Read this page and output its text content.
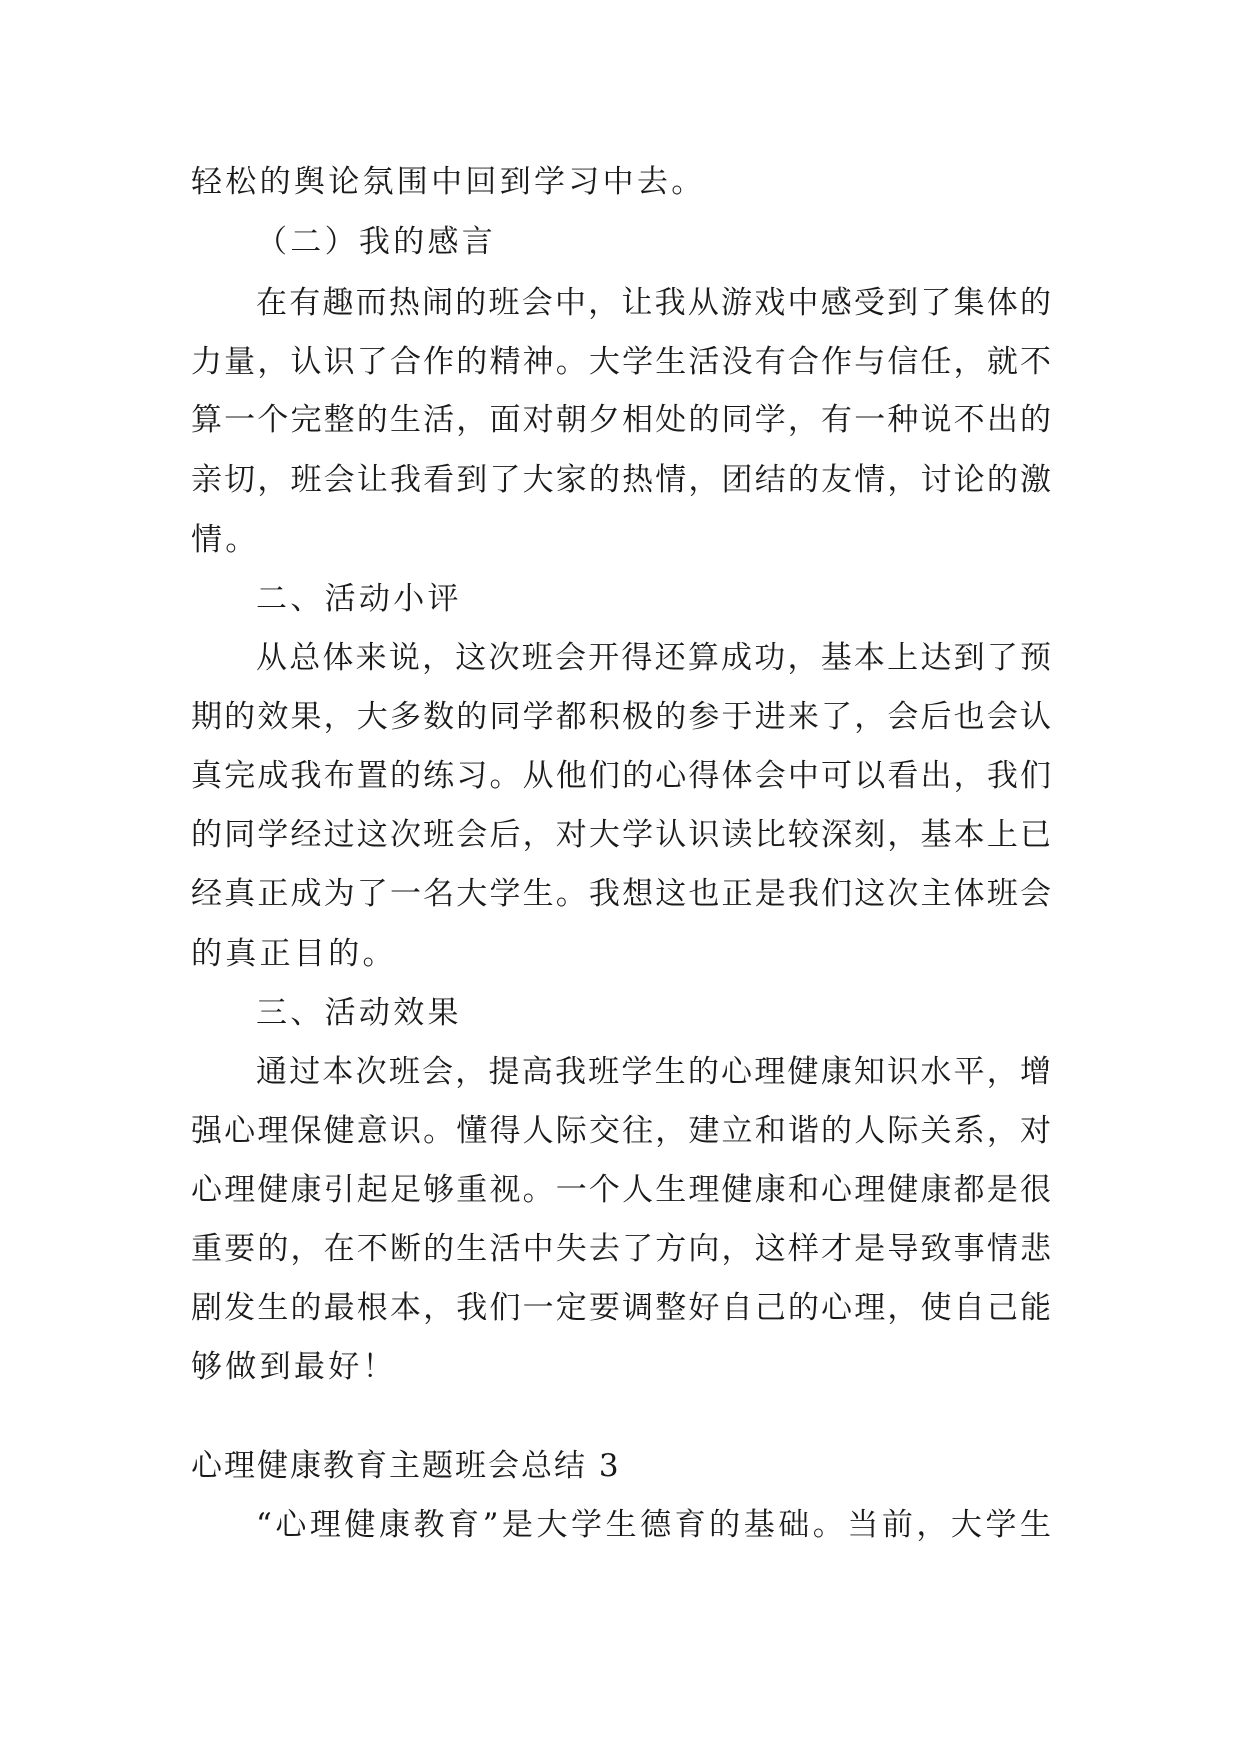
轻松的舆论氛围中回到学习中去。
（二）我的感言
在有趣而热闹的班会中，让我从游戏中感受到了集体的
力量，认识了合作的精神。大学生活没有合作与信任，就不
算一个完整的生活，面对朝夕相处的同学，有一种说不出的
亲切，班会让我看到了大家的热情，团结的友情，讨论的激
情。
二、活动小评
从总体来说，这次班会开得还算成功，基本上达到了预
期的效果，大多数的同学都积极的参于进来了，会后也会认
真完成我布置的练习。从他们的心得体会中可以看出，我们
的同学经过这次班会后，对大学认识读比较深刻，基本上已
经真正成为了一名大学生。我想这也正是我们这次主体班会
的真正目的。
三、活动效果
通过本次班会，提高我班学生的心理健康知识水平，增
强心理保健意识。懂得人际交往，建立和谐的人际关系，对
心理健康引起足够重视。一个人生理健康和心理健康都是很
重要的，在不断的生活中失去了方向，这样才是导致事情悲
剧发生的最根本，我们一定要调整好自己的心理，使自己能
够做到最好！
心理健康教育主题班会总结 3
“心理健康教育”是大学生德育的基础。当前，大学生
